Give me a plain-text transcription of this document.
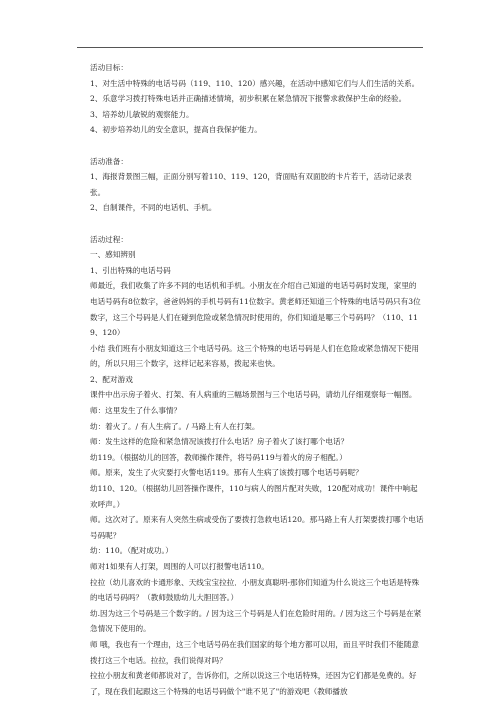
活动目标：

1、对生活中特殊的电话号码（119、110、120）感兴趣，在活动中感知它们与人们生活的关系。

2、乐意学习拨打特殊电话并正确描述情境，初步积累在紧急情况下报警求救保护生命的经验。

3、培养幼儿敏锐的观察能力。

4、初步培养幼儿的安全意识，提高自我保护能力。

活动准备：

1、海报背景图三幅，正面分别写着110、119、120，背面贴有双面胶的卡片若干，活动记录表张。

2、自制课件，不同的电话机、手机。

活动过程：

一、感知辨别

1、引出特殊的电话号码

师最近，我们收集了许多不同的电话机和手机。小朋友在介绍自己知道的电话号码时发现，家里的电话号码有8位数字，爸爸妈妈的手机号码有11位数字。黄老师还知道三个特殊的电话号码只有3位数字，这三个号码是人们在碰到危险或紧急情况时使用的，你们知道是哪三个号码吗？（110、119、120）

小结 我们班有小朋友知道这三个电话号码。这三个特殊的电话号码是人们在危险或紧急情况下使用的，所以只用三个数字，这样记起来容易，拨起来也快。

2、配对游戏

课件中出示房子着火、打架、有人病重的三幅场景图与三个电话号码，请幼儿仔细观察每一幅图。

师：这里发生了什么事情？

幼：着火了。/ 有人生病了。/ 马路上有人在打架。

师：发生这样的危险和紧急情况该拨打什么电话？房子着火了该打哪个电话？

幼119。（根据幼儿的回答，教师操作课件，将号码119与着火的房子相配。）

师。原来，发生了火灾要打火警电话119。那有人生病了该拨打哪个电话号码呢？

幼110、120。（根据幼儿回答操作课件，110与病人的图片配对失败，120配对成功！课件中响起欢呼声。）

师。这次对了。原来有人突然生病或受伤了要拨打急救电话120。那马路上有人打架要拨打哪个电话号码呢？

幼：110。（配对成功。）

师对1如果有人打架，周围的人可以打报警电话110。

拉拉（幼儿喜欢的卡通形象、天线宝宝拉拉．小朋友真聪明-那你们知道为什么说这三个电话是特殊的电话号码吗？（教师鼓励幼儿大胆回答。）

幼.因为这三个号码是三个数字的。/ 因为这三个号码是人们在危险时用的。/ 因为这三个号码是在紧急情况下使用的。

师 哦，我也有一个理由，这三个电话号码在我们国家的每个地方都可以用，而且平时我们不能随意拨打这三个电话。拉拉，我们说得对吗？

拉拉小朋友和黄老师都说对了，告诉你们，之所以说这三个电话特殊，还因为它们都是免费的。好了，现在我们起跟这三个特殊的电话号码做个"谁不见了"的游戏吧（教师播放
